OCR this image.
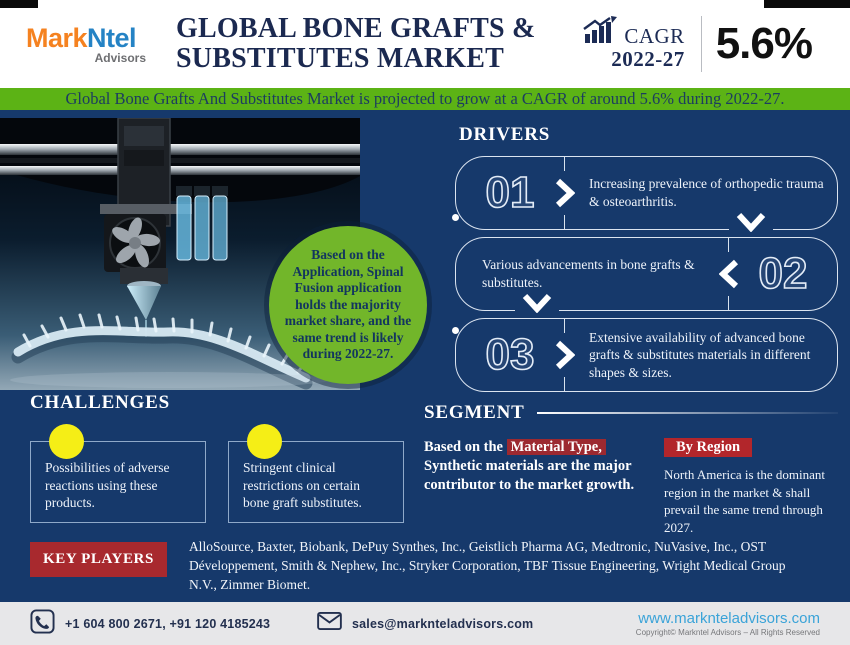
MarkNtel
Advisors
GLOBAL BONE GRAFTS &
SUBSTITUTES MARKET
CAGR
2022-27 5.6%
Global Bone Grafts And Substitutes Market is projected to grow at a CAGR of around 5.6% during 2022-27.
Based on the Application, Spinal Fusion application holds the majority market share, and the same trend is likely during 2022-27.
DRIVERS
01	Increasing prevalence of orthopedic trauma & osteoarthritis.
Various advancements in bone grafts & substitutes.	02
03	Extensive availability of advanced bone grafts & substitutes materials in different shapes & sizes.
CHALLENGES
Possibilities of adverse reactions using these products.
Stringent clinical restrictions on certain bone graft substitutes.
SEGMENT

Based on the Material Type, Synthetic materials are the major contributor to the market growth.

By Region

North America is the dominant region in the market & shall prevail the same trend through 2027.

KEY PLAYERS
AlloSource, Baxter, Biobank, DePuy Synthes, Inc., Geistlich Pharma AG, Medtronic, NuVasive, Inc., OST Développement, Smith & Nephew, Inc., Stryker Corporation, TBF Tissue Engineering, Wright Medical Group N.V., Zimmer Biomet.
+1 604 800 2671, +91 120 4185243	sales@marknteladvisors.com	www.marknteladvisors.com
Copyright© Markntel Advisors – All Rights Reserved
